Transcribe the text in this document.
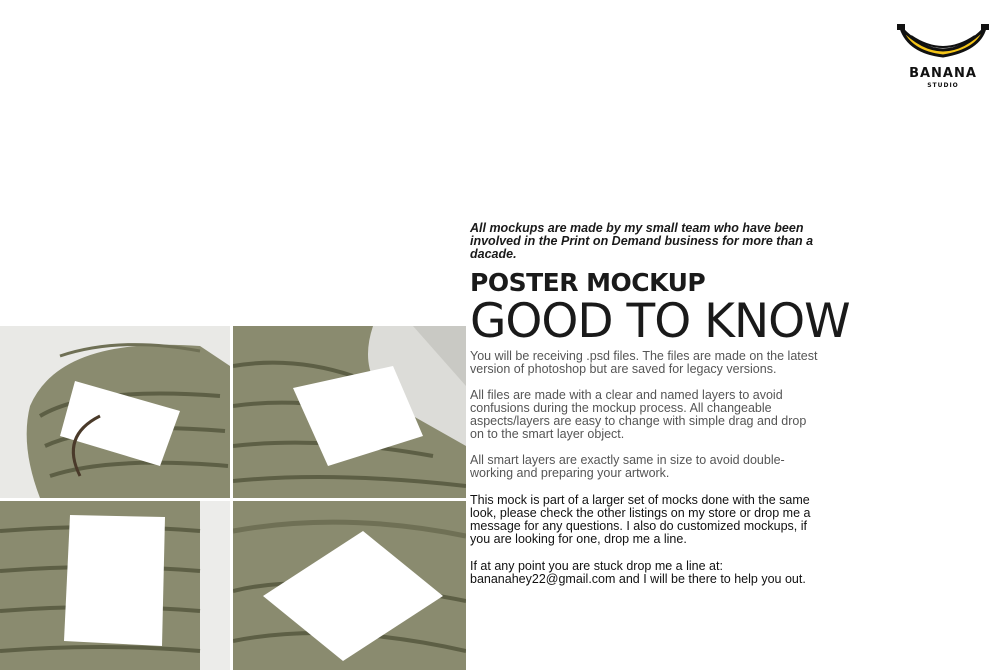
BANANA
STUDIO

All mockups are made by my small team who have been involved in the Print on Demand business for more than a dacade.

POSTER MOCKUP
GOOD TO KNOW

You will be receiving .psd files. The files are made on the latest version of photoshop but are saved for legacy versions.

All files are made with a clear and named layers to avoid confusions during the mockup process. All changeable aspects/layers are easy to change with simple drag and drop on to the smart layer object.

All smart layers are exactly same in size to avoid double-working and preparing your artwork.

This mock is part of a larger set of mocks done with the same look, please check the other listings on my store or drop me a message for any questions. I also do customized mockups, if you are looking for one, drop me a line.

If at any point you are stuck drop me a line at: bananahey22@gmail.com and I will be there to help you out.
